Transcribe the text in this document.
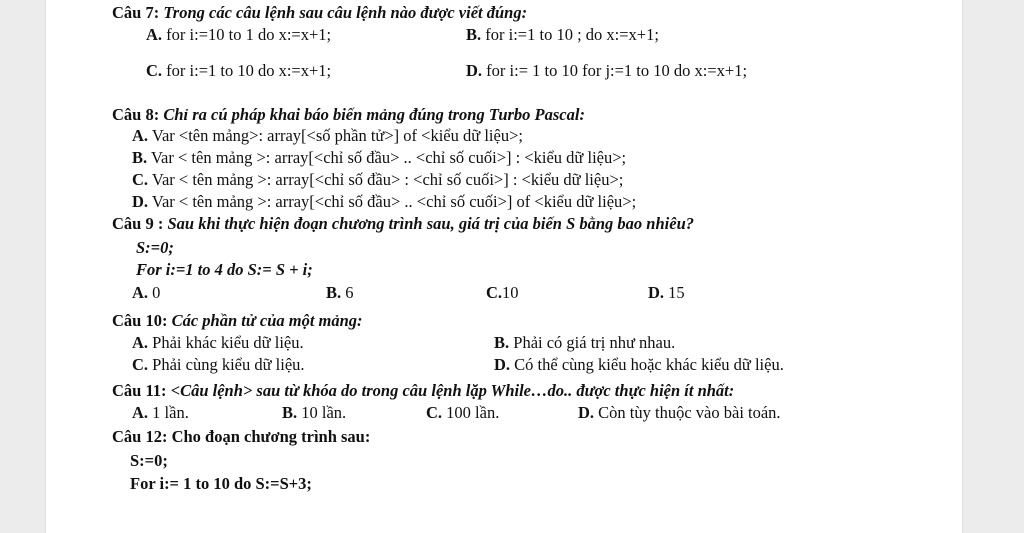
Câu 7: Trong các câu lệnh sau câu lệnh nào được viết đúng:
A. for i:=10 to 1 do x:=x+1;	B. for i:=1 to 10 ; do x:=x+1;
C. for i:=1 to 10 do x:=x+1;	D. for i:= 1 to 10 for j:=1 to 10 do x:=x+1;
Câu 8: Chỉ ra cú pháp khai báo biến mảng đúng trong Turbo Pascal:
A. Var <tên mảng>: array[<số phần tử>] of <kiểu dữ liệu>;
B. Var < tên mảng >: array[<chỉ số đầu> .. <chỉ số cuối>] : <kiểu dữ liệu>;
C. Var < tên mảng >: array[<chỉ số đầu> : <chỉ số cuối>] : <kiểu dữ liệu>;
D. Var < tên mảng >: array[<chỉ số đầu> .. <chỉ số cuối>] of <kiểu dữ liệu>;
Câu 9 : Sau khi thực hiện đoạn chương trình sau, giá trị của biến S bằng bao nhiêu?
S:=0;
For i:=1 to 4 do S:= S + i;
A. 0	B. 6	C.10	D. 15
Câu 10: Các phần tử của một mảng:
A. Phải khác kiểu dữ liệu.	B. Phải có giá trị như nhau.
C. Phải cùng kiểu dữ liệu.	D. Có thể cùng kiểu hoặc khác kiểu dữ liệu.
Câu 11: <Câu lệnh> sau từ khóa do trong câu lệnh lặp While…do.. được thực hiện ít nhất:
A. 1 lần.	B. 10 lần.	C. 100 lần.	D. Còn tùy thuộc vào bài toán.
Câu 12: Cho đoạn chương trình sau:
S:=0;
For i:= 1 to 10 do S:=S+3;
